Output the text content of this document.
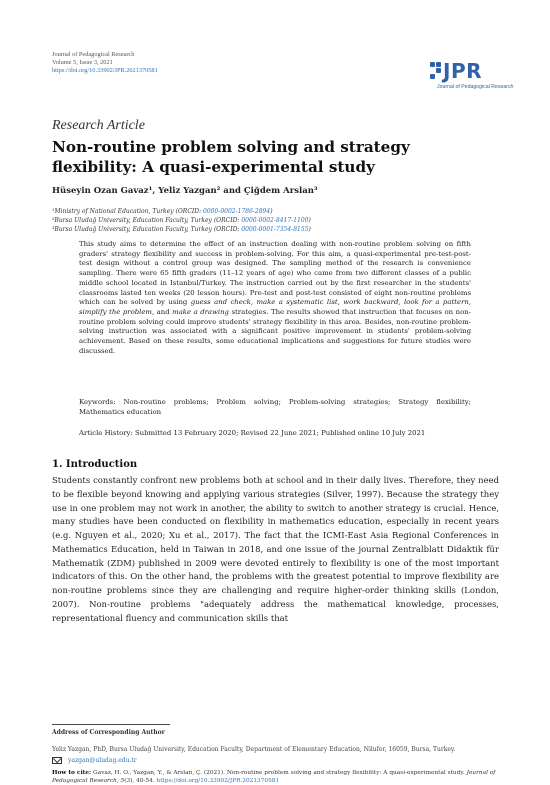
Journal of Pedagogical Research
Volume 5, Issue 3, 2021
https://doi.org/10.33902/JPR.2021370581	JPR
Journal of Pedagogical Research
Research Article
Non-routine problem solving and strategy
flexibility: A quasi-experimental study
Hüseyin Ozan Gavaz¹, Yeliz Yazgan² and Çiğdem Arslan³
¹Ministry of National Education, Turkey (ORCID: 0000-0002-1786-2894)
²Bursa Uludağ University, Education Faculty, Turkey (ORCID: 0000-0002-8417-1100)
³Bursa Uludağ University, Education Faculty, Turkey (ORCID: 0000-0001-7354-8155)
This study aims to determine the effect of an instruction dealing with non-routine problem solving on fifth graders' strategy flexibility and success in problem-solving. For this aim, a quasi-experimental pre-test-post-test design without a control group was designed. The sampling method of the research is convenience sampling. There were 65 fifth graders (11–12 years of age) who came from two different classes of a public middle school located in Istanbul/Turkey. The instruction carried out by the first researcher in the students' classrooms lasted ten weeks (20 lesson hours). Pre-test and post-test consisted of eight non-routine problems which can be solved by using guess and check, make a systematic list, work backward, look for a pattern, simplify the problem, and make a drawing strategies. The results showed that instruction that focuses on non-routine problem solving could improve students' strategy flexibility in this area. Besides, non-routine problem-solving instruction was associated with a significant positive improvement in students' problem-solving achievement. Based on these results, some educational implications and suggestions for future studies were discussed.
Keywords: Non-routine problems; Problem solving; Problem-solving strategies; Strategy flexibility; Mathematics education
Article History: Submitted 13 February 2020; Revised 22 June 2021; Published online 10 July 2021
1. Introduction
Students constantly confront new problems both at school and in their daily lives. Therefore, they need to be flexible beyond knowing and applying various strategies (Silver, 1997). Because the strategy they use in one problem may not work in another, the ability to switch to another strategy is crucial. Hence, many studies have been conducted on flexibility in mathematics education, especially in recent years (e.g. Nguyen et al., 2020; Xu et al., 2017). The fact that the ICMI-East Asia Regional Conferences in Mathematics Education, held in Taiwan in 2018, and one issue of the journal Zentralblatt Didaktik für Mathematik (ZDM) published in 2009 were devoted entirely to flexibility is one of the most important indicators of this. On the other hand, the problems with the greatest potential to improve flexibility are non-routine problems since they are challenging and require higher-order thinking skills (London, 2007). Non-routine problems "adequately address the mathematical knowledge, processes, representational fluency and communication skills that
Address of Corresponding Author
Yeliz Yazgan, PhD, Bursa Uludağ University, Education Faculty, Department of Elementary Education, Nilufer, 16059, Bursa, Turkey.
yazgan@uludag.edu.tr
How to cite: Gavaz, H. O., Yazgan, Y., & Arslan, Ç. (2021). Non-routine problem solving and strategy flexibility: A quasi-experimental study. Journal of Pedagogical Research, 5(3), 40-54. https://doi.org/10.33902/JPR.2021370581
